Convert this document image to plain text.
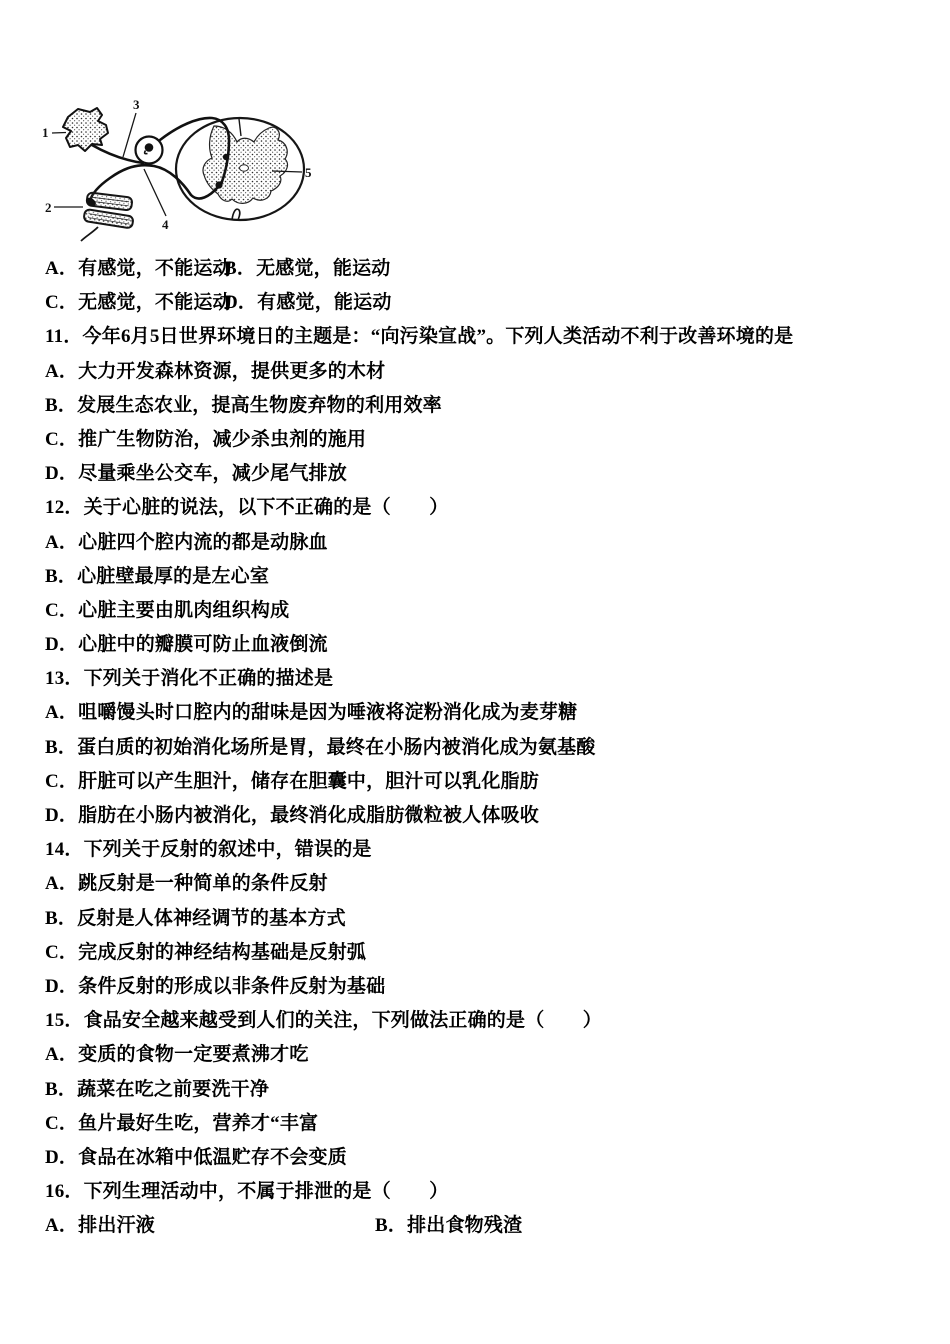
1
2
3
4
5
A．有感觉，不能运动
B．无感觉，能运动
C．无感觉，不能运动
D．有感觉，能运动
11．今年6月5日世界环境日的主题是：“向污染宣战”。下列人类活动不利于改善环境的是
A．大力开发森林资源，提供更多的木材
B．发展生态农业，提高生物废弃物的利用效率
C．推广生物防治，减少杀虫剂的施用
D．尽量乘坐公交车，减少尾气排放
12．关于心脏的说法，以下不正确的是（　　）
A．心脏四个腔内流的都是动脉血
B．心脏壁最厚的是左心室
C．心脏主要由肌肉组织构成
D．心脏中的瓣膜可防止血液倒流
13．下列关于消化不正确的描述是
A．咀嚼馒头时口腔内的甜味是因为唾液将淀粉消化成为麦芽糖
B．蛋白质的初始消化场所是胃，最终在小肠内被消化成为氨基酸
C．肝脏可以产生胆汁，储存在胆囊中，胆汁可以乳化脂肪
D．脂肪在小肠内被消化，最终消化成脂肪微粒被人体吸收
14．下列关于反射的叙述中，错误的是
A．跳反射是一种简单的条件反射
B．反射是人体神经调节的基本方式
C．完成反射的神经结构基础是反射弧
D．条件反射的形成以非条件反射为基础
15．食品安全越来越受到人们的关注，下列做法正确的是（　　）
A．变质的食物一定要煮沸才吃
B．蔬菜在吃之前要洗干净
C．鱼片最好生吃，营养才“丰富
D．食品在冰箱中低温贮存不会变质
16．下列生理活动中，不属于排泄的是（　　）
A．排出汗液	B．排出食物残渣
